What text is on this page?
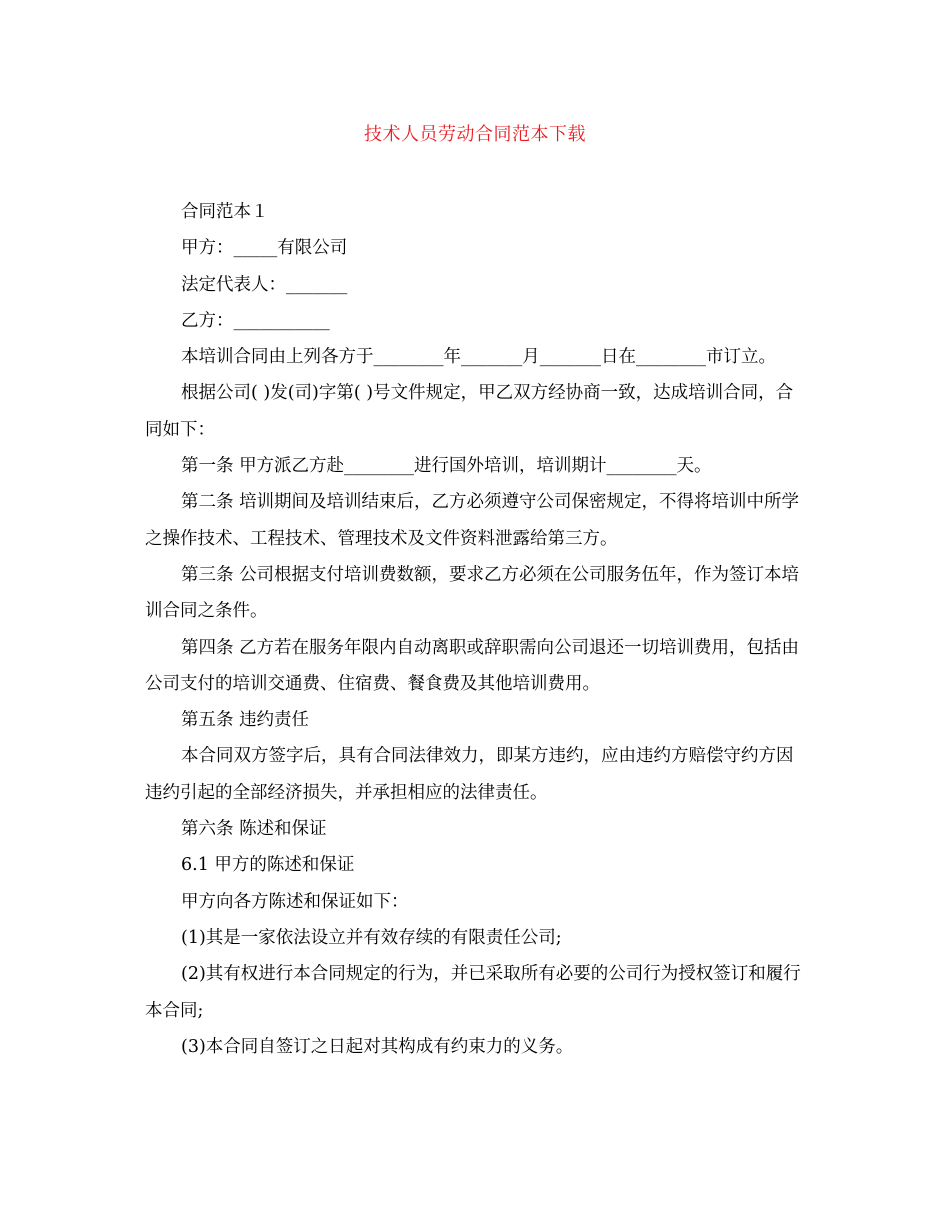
技术人员劳动合同范本下载

合同范本１

甲方：_____有限公司

法定代表人：_______

乙方：___________

本培训合同由上列各方于________年_______月_______日在________市订立。

根据公司( )发(司)字第( )号文件规定，甲乙双方经协商一致，达成培训合同，合同如下：

第一条 甲方派乙方赴________进行国外培训，培训期计________天。

第二条 培训期间及培训结束后，乙方必须遵守公司保密规定，不得将培训中所学之操作技术、工程技术、管理技术及文件资料泄露给第三方。

第三条 公司根据支付培训费数额，要求乙方必须在公司服务伍年，作为签订本培训合同之条件。

第四条 乙方若在服务年限内自动离职或辞职需向公司退还一切培训费用，包括由公司支付的培训交通费、住宿费、餐食费及其他培训费用。

第五条 违约责任

本合同双方签字后，具有合同法律效力，即某方违约，应由违约方赔偿守约方因违约引起的全部经济损失，并承担相应的法律责任。

第六条 陈述和保证

6.1 甲方的陈述和保证

甲方向各方陈述和保证如下：

(1)其是一家依法设立并有效存续的有限责任公司;

(2)其有权进行本合同规定的行为，并已采取所有必要的公司行为授权签订和履行本合同;

(3)本合同自签订之日起对其构成有约束力的义务。
